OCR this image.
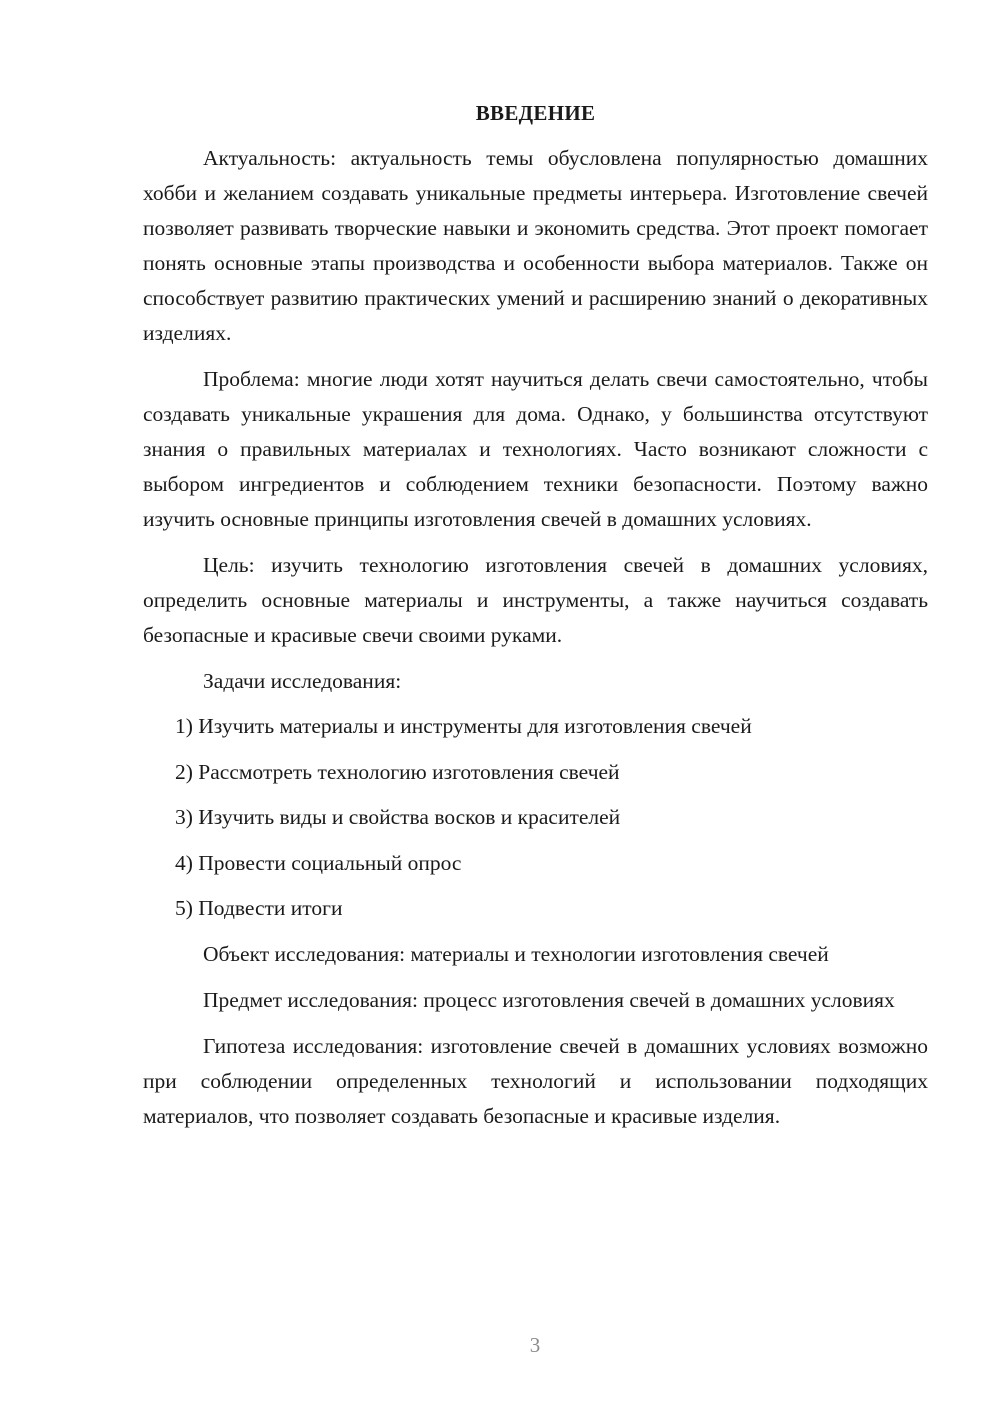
ВВЕДЕНИЕ

Актуальность: актуальность темы обусловлена популярностью домашних хобби и желанием создавать уникальные предметы интерьера. Изготовление свечей позволяет развивать творческие навыки и экономить средства. Этот проект помогает понять основные этапы производства и особенности выбора материалов. Также он способствует развитию практических умений и расширению знаний о декоративных изделиях.

Проблема: многие люди хотят научиться делать свечи самостоятельно, чтобы создавать уникальные украшения для дома. Однако, у большинства отсутствуют знания о правильных материалах и технологиях. Часто возникают сложности с выбором ингредиентов и соблюдением техники безопасности. Поэтому важно изучить основные принципы изготовления свечей в домашних условиях.

Цель: изучить технологию изготовления свечей в домашних условиях, определить основные материалы и инструменты, а также научиться создавать безопасные и красивые свечи своими руками.

Задачи исследования:

1) Изучить материалы и инструменты для изготовления свечей
2) Рассмотреть технологию изготовления свечей
3) Изучить виды и свойства восков и красителей
4) Провести социальный опрос
5) Подвести итоги

Объект исследования: материалы и технологии изготовления свечей

Предмет исследования: процесс изготовления свечей в домашних условиях

Гипотеза исследования: изготовление свечей в домашних условиях возможно при соблюдении определенных технологий и использовании подходящих материалов, что позволяет создавать безопасные и красивые изделия.

3
